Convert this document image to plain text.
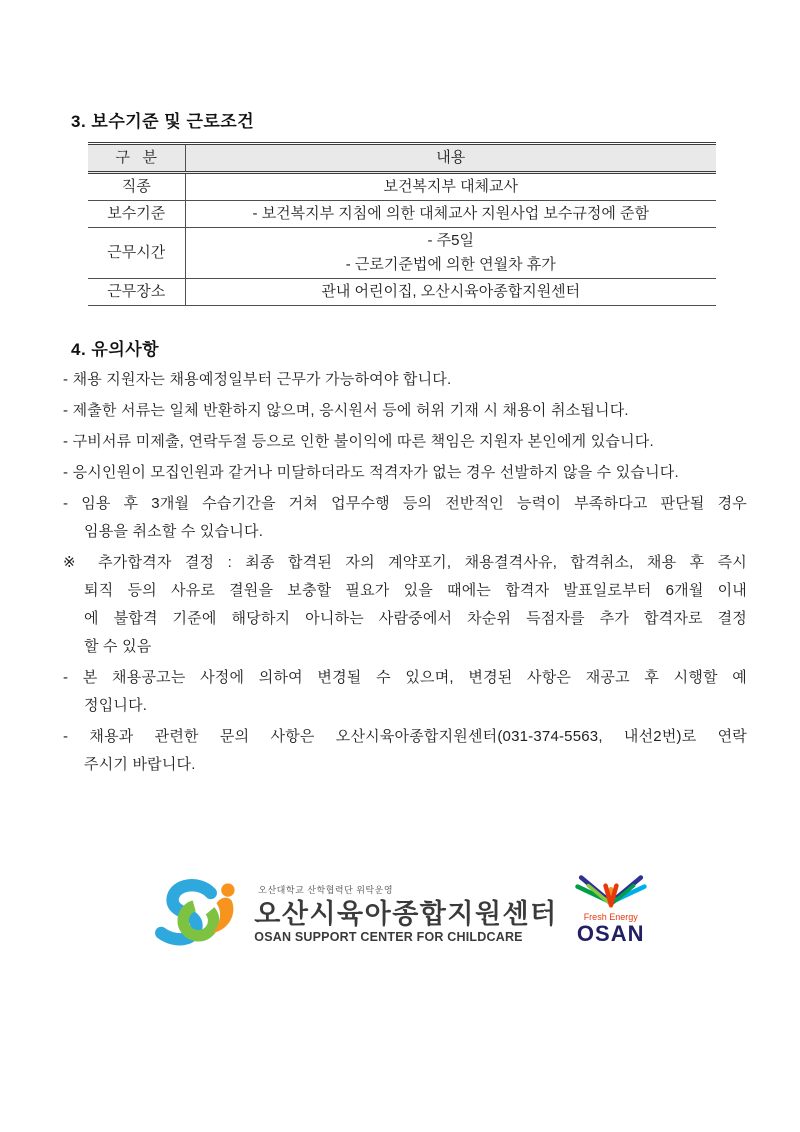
3. 보수기준 및 근로조건
구   분	내용
직종	보건복지부 대체교사

보수기준	- 보건복지부 지침에 의한 대체교사 지원사업 보수규정에 준함

근무시간	- 주5일
- 근로기준법에 의한 연월차 휴가

근무장소	관내 어린이집, 오산시육아종합지원센터
4. 유의사항
- 채용 지원자는 채용예정일부터 근무가 가능하여야 합니다.
- 제출한 서류는 일체 반환하지 않으며, 응시원서 등에 허위 기재 시 채용이 취소됩니다.
- 구비서류 미제출, 연락두절 등으로 인한 불이익에 따른 책임은 지원자 본인에게 있습니다.
- 응시인원이 모집인원과 같거나 미달하더라도 적격자가 없는 경우 선발하지 않을 수 있습니다.
- 임용 후 3개월 수습기간을 거쳐 업무수행 등의 전반적인 능력이 부족하다고 판단될 경우
임용을 취소할 수 있습니다.
※ 추가합격자 결정 : 최종 합격된 자의 계약포기, 채용결격사유, 합격취소, 채용 후 즉시
퇴직 등의 사유로 결원을 보충할 필요가 있을 때에는 합격자 발표일로부터 6개월 이내
에 불합격 기준에 해당하지 아니하는 사람중에서 차순위 득점자를 추가 합격자로 결정
할 수 있음
- 본 채용공고는 사정에 의하여 변경될 수 있으며, 변경된 사항은 재공고 후 시행할 예
정입니다.
- 채용과 관련한 문의 사항은 오산시육아종합지원센터(031-374-5563, 내선2번)로 연락
주시기 바랍니다.
오산대학교 산학협력단 위탁운영
오산시육아종합지원센터
OSAN SUPPORT CENTER FOR CHILDCARE
Fresh Energy
OSAN
